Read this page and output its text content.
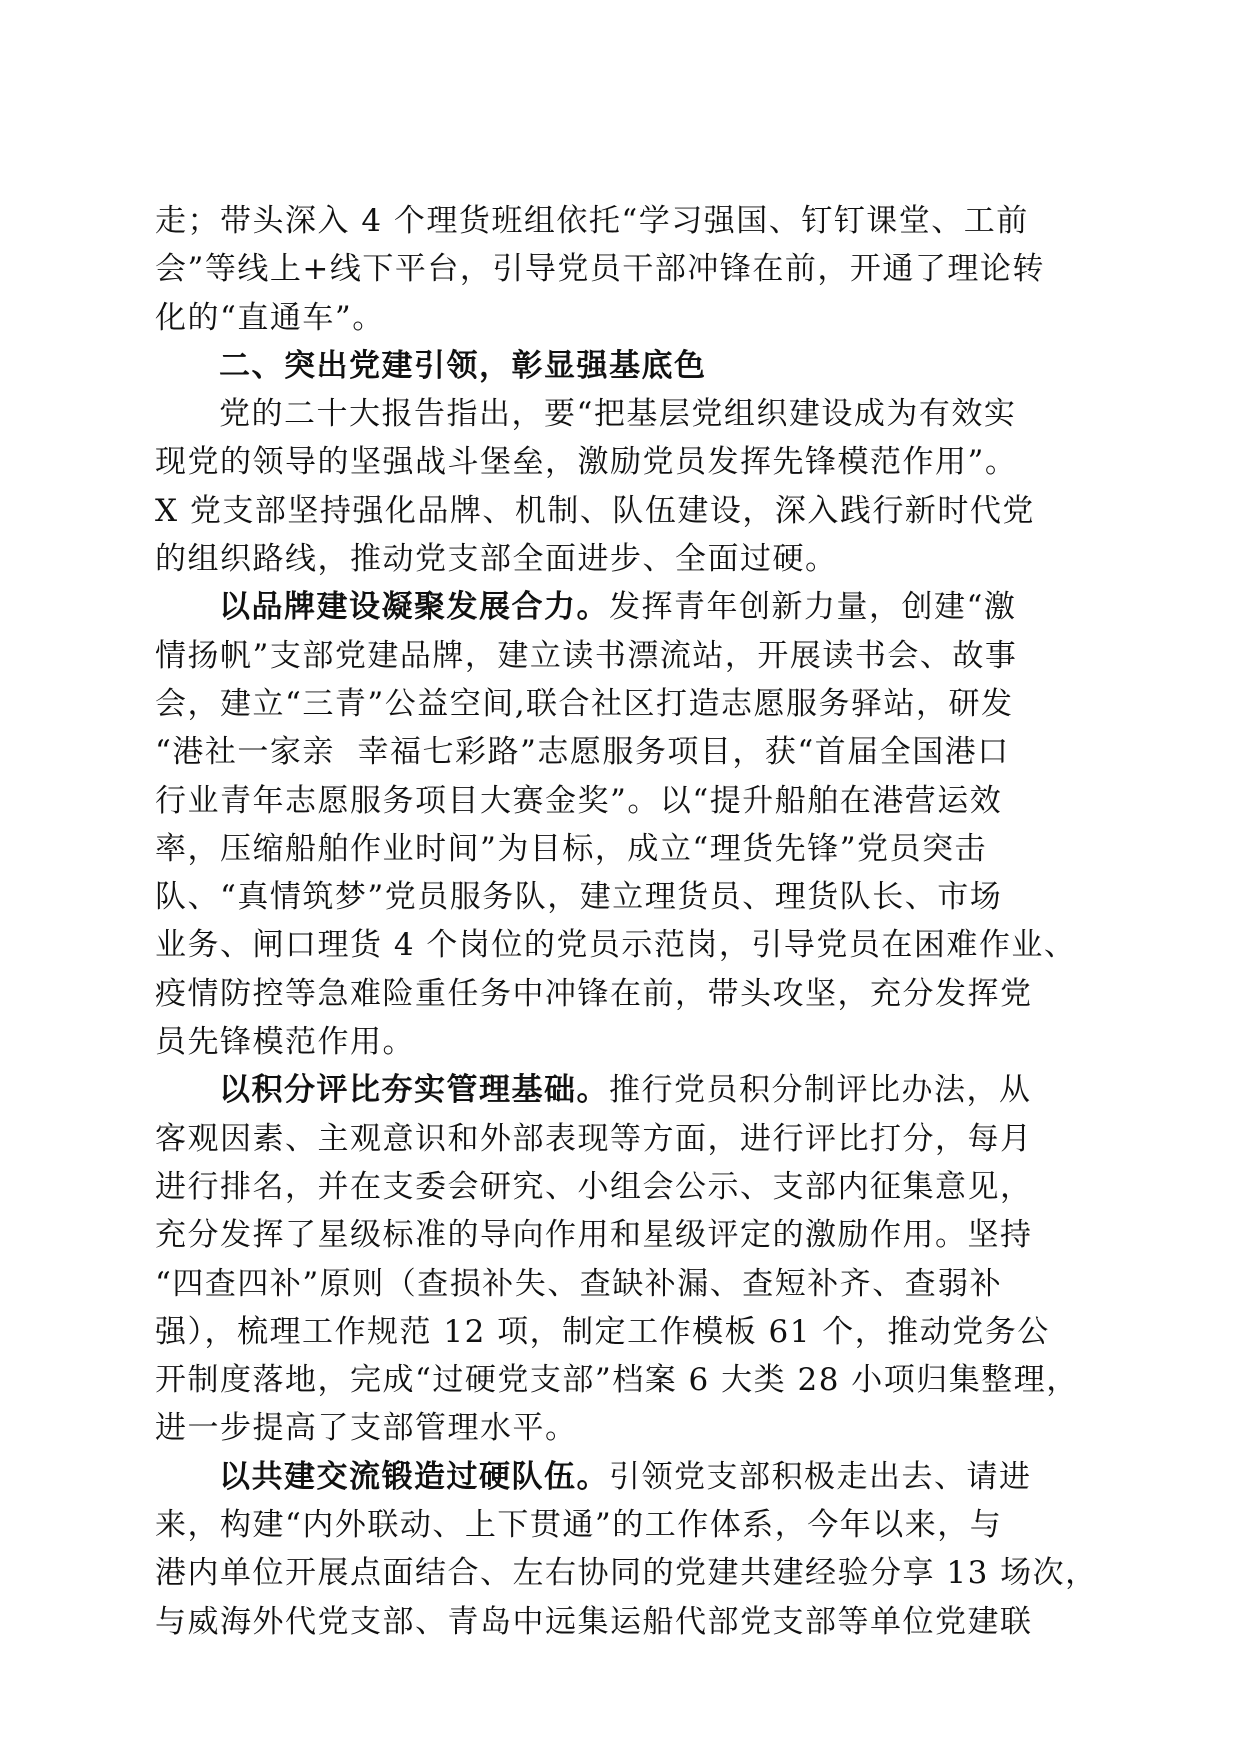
走；带头深入 4 个理货班组依托“学习强国、钉钉课堂、工前
会”等线上+线下平台，引导党员干部冲锋在前，开通了理论转
化的“直通车”。
二、突出党建引领，彰显强基底色
党的二十大报告指出，要“把基层党组织建设成为有效实
现党的领导的坚强战斗堡垒，激励党员发挥先锋模范作用”。
X 党支部坚持强化品牌、机制、队伍建设，深入践行新时代党
的组织路线，推动党支部全面进步、全面过硬。
以品牌建设凝聚发展合力。发挥青年创新力量，创建“激
情扬帆”支部党建品牌，建立读书漂流站，开展读书会、故事
会，建立“三青”公益空间,联合社区打造志愿服务驿站，研发
“港社一家亲  幸福七彩路”志愿服务项目，获“首届全国港口
行业青年志愿服务项目大赛金奖”。以“提升船舶在港营运效
率，压缩船舶作业时间”为目标，成立“理货先锋”党员突击
队、“真情筑梦”党员服务队，建立理货员、理货队长、市场
业务、闸口理货 4 个岗位的党员示范岗，引导党员在困难作业、
疫情防控等急难险重任务中冲锋在前，带头攻坚，充分发挥党
员先锋模范作用。
以积分评比夯实管理基础。推行党员积分制评比办法，从
客观因素、主观意识和外部表现等方面，进行评比打分，每月
进行排名，并在支委会研究、小组会公示、支部内征集意见，
充分发挥了星级标准的导向作用和星级评定的激励作用。坚持
“四查四补”原则（查损补失、查缺补漏、查短补齐、查弱补
强），梳理工作规范 12 项，制定工作模板 61 个，推动党务公
开制度落地，完成“过硬党支部”档案 6 大类 28 小项归集整理，
进一步提高了支部管理水平。
以共建交流锻造过硬队伍。引领党支部积极走出去、请进
来，构建“内外联动、上下贯通”的工作体系，今年以来，与
港内单位开展点面结合、左右协同的党建共建经验分享 13 场次，
与威海外代党支部、青岛中远集运船代部党支部等单位党建联
